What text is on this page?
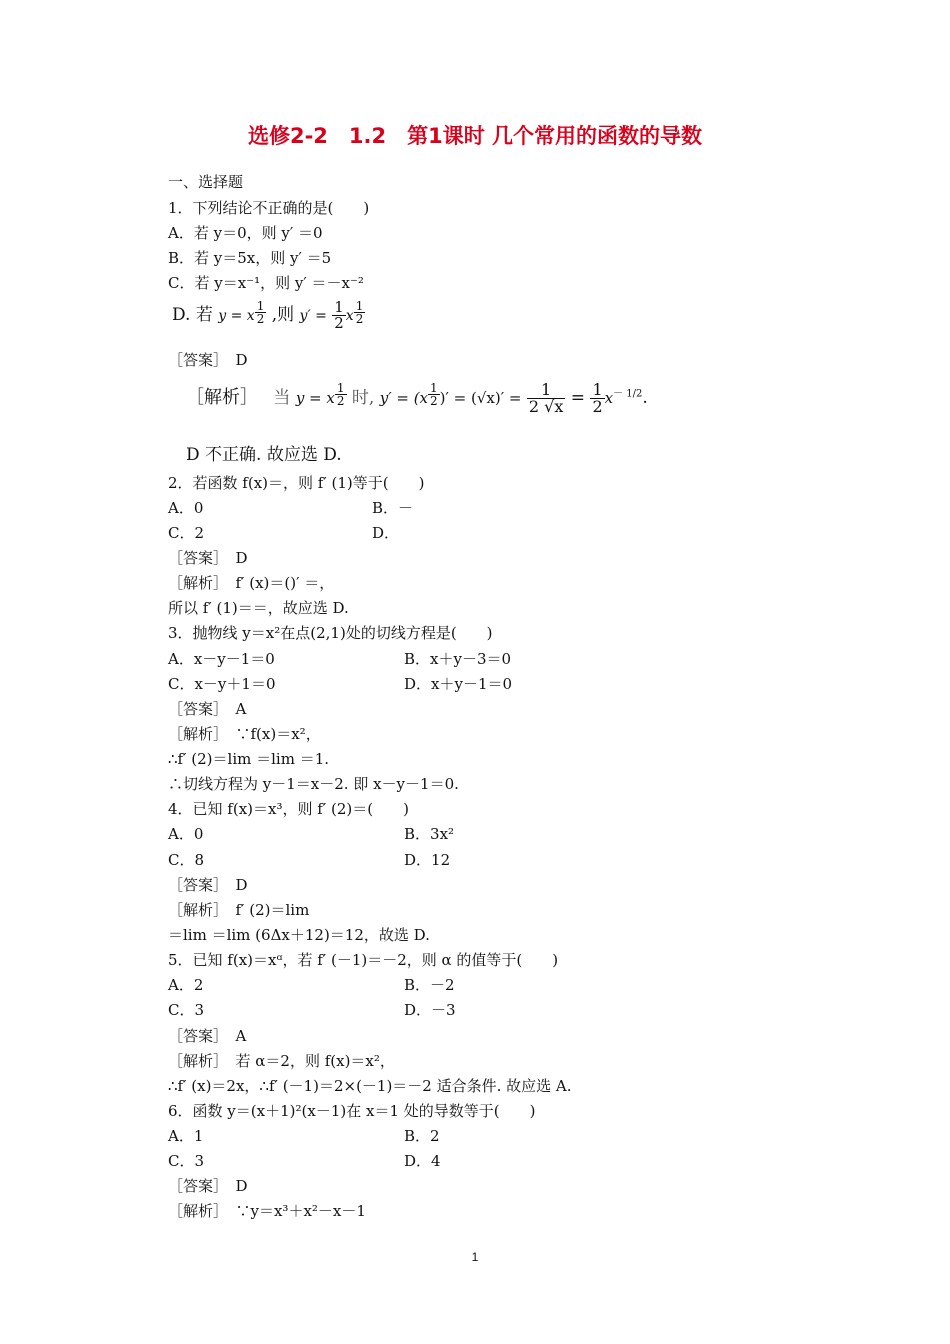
选修2-2　1.2　第1课时 几个常用的函数的导数
一、选择题
1．下列结论不正确的是(　　)
A．若 y＝0，则 y′ ＝0
B．若 y＝5x，则 y′ ＝5
C．若 y＝x⁻¹，则 y′ ＝－x⁻²
D. 若 y = x $\frac{1}{2}$ ,则 $y' = \frac{1}{2}$ x $\frac{1}{2}$
［答案］　D
［解析］ 当 y = x $\frac{1}{2}$ 时, $y' = (x \frac{1}{2}$ )′ = $(√x)' = \frac{1}{2 √x} = \frac{1}{2} x^{- 1/2}$.
D 不正确. 故应选 D.
2．若函数 f(x)＝，则 f′ (1)等于(　　)
A．0	B．－
C．2	D．
［答案］　D
［解析］　f′ (x)＝()′ ＝，
所以 f′ (1)＝＝，故应选 D.
3．抛物线 y＝x²在点(2,1)处的切线方程是(　　)
A．x－y－1＝0	B．x＋y－3＝0
C．x－y＋1＝0	D．x＋y－1＝0
［答案］　A
［解析］　∵f(x)＝x²，
∴f′ (2)＝lim ＝lim ＝1.
∴切线方程为 y－1＝x－2. 即 x－y－1＝0.
4．已知 f(x)＝x³，则 f′ (2)＝(　　)
A．0	B．3x²
C．8	D．12
［答案］　D
［解析］　f′ (2)＝lim
＝lim ＝lim (6Δx＋12)＝12，故选 D.
5．已知 f(x)＝xᵅ，若 f′ (－1)＝－2，则 α 的值等于(　　)
A．2	B．－2
C．3	D．－3
［答案］　A
［解析］　若 α＝2，则 f(x)＝x²，
∴f′ (x)＝2x，∴f′ (－1)＝2×(－1)＝－2 适合条件. 故应选 A.
6．函数 y＝(x＋1)²(x－1)在 x＝1 处的导数等于(　　)
A．1	B．2
C．3	D．4
［答案］　D
［解析］　∵y＝x³＋x²－x－1
1
